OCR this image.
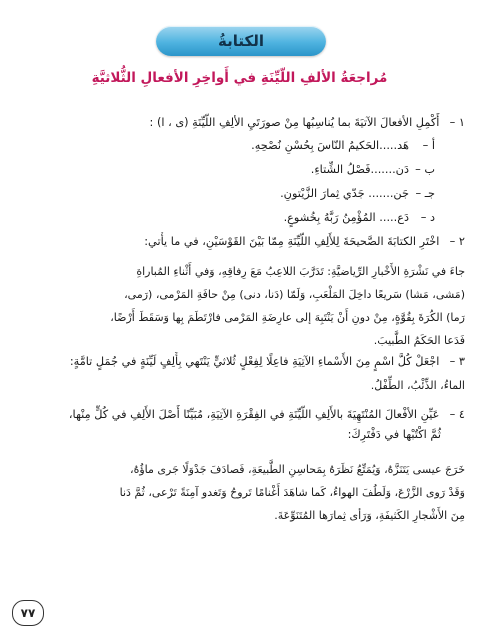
الكتابةُ
مُراجعَةُ الألفِ اللّيِّنَةِ في أَواخِرِ الأفعالِ الثُّلاثيَّةِ
١ – أَكْمِلِ الأفعالَ الآتيَةَ بما يُناسِبُها مِنْ صورَتَيِ الألِفِ اللّيِّنَةِ (ى ، ا) :
أ –هَد.....الحَكيمُ النّاسَ بِحُسْنِ نُصْحِهِ.
ب –دَن.......فَصْلُ الشِّتاءِ.
جـ –جَن....... جَدّي ثِمارَ الزَّيْتونِ.
د –دَع..... المُؤْمِنُ رَبَّهُ بِخُشوعٍ.
٢ – اخْتَرِ الكتابَةَ الصَّحيحَةَ لِلأَلِفِ اللّيِّنَةِ مِمّا بَيْنَ القَوْسَيْنِ، في ما يأْتي:
جاءَ في نَشْرَةِ الأَخْبارِ الرِّياضيَّةِ: تَدَرَّبَ اللاعِبُ مَعَ رِفاقِهِ، وَفي أَثْناءِ المُباراةِ
(مَشى، مَشا) سَريعًا داخِلَ المَلْعَبِ، وَلَمّا (دَنا، دنى) مِنْ حافَةِ المَرْمى، (رَمى،
رَما) الكُرَةَ بِقُوَّةٍ، مِنْ دونِ أَنْ يَنْتَبِهَ إلى عارِضَةِ المَرْمى فارْتَطَمَ بِها وَسَقَطَ أَرْضًا،
فَدَعا الحَكَمُ الطَّبيبَ.
٣ – اجْعَلْ كُلَّ اسْمٍ مِنَ الأَسْماءِ الآتِيَةِ فاعِلًا لِفِعْلٍ ثُلاثيٍّ يَنْتَهي بِأَلِفٍ لَيِّنَةٍ في جُمَلٍ تامَّةٍ:
الماءُ، الذِّئْبُ، الطِّفْلُ.
٤ – عَيِّنِ الأفْعالَ المُنْتَهِيَةَ بالأَلِفِ اللّيِّنَةِ في الفِقْرَةِ الآتِيَةِ، مُبَيِّنًا أَصْلَ الأَلِفِ في كُلٍّ مِنْها،
ثُمَّ اكْتُبْها في دَفْتَرِكَ:
خَرَجَ عيسى يَتَنَزَّهُ، وَيُمَتِّعُ نَظَرَهُ بِمَحاسِنِ الطَّبيعَةِ، فَصادَفَ جَدْوَلًا جَرى ماؤُهُ،
وَقَدْ رَوى الزَّرْعَ، وَلَطُفَ الهواءُ، كَما شاهَدَ أَغْنامًا تَروحُ وَتَغدو آمِنَةً تَرْعى، ثُمَّ دَنا
مِنَ الأَشْجارِ الكَثيفَةِ، وَرَأى ثِمارَها المُتَنَوِّعَةَ.
٧٧
